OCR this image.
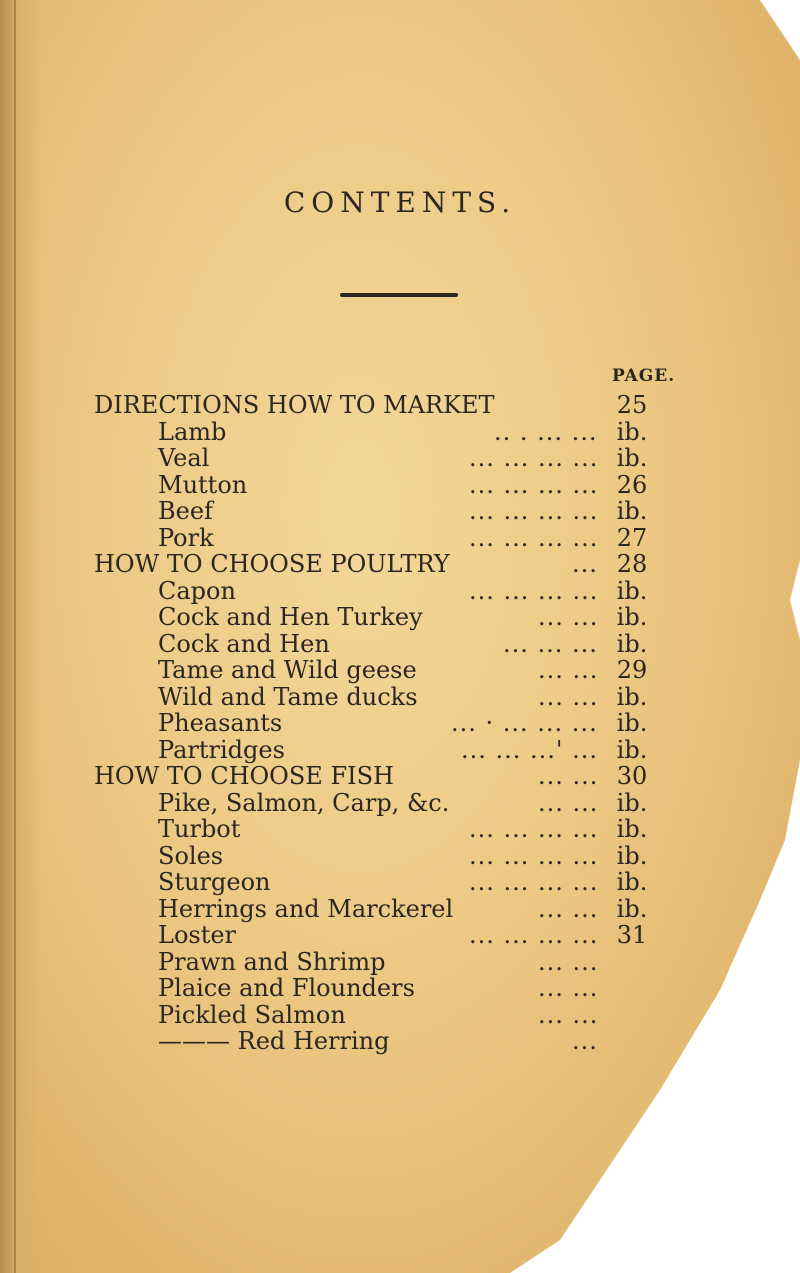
CONTENTS.
PAGE.
DIRECTIONS HOW TO MARKET	25
Lamb	.. . ... ... ib.
Veal	... ... ... ... ib.
Mutton	... ... ... ... 26
Beef	... ... ... ... ib.
Pork	... ... ... ... 27
HOW TO CHOOSE POULTRY	... 28
Capon	... ... ... ... ib.
Cock and Hen Turkey	... ... ib.
Cock and Hen	... ... ... ib.
Tame and Wild geese	... ... 29
Wild and Tame ducks	... ... ib.
Pheasants	... · ... ... ... ib.
Partridges	... ... ...' ... ib.
HOW TO CHOOSE FISH	... ... 30
Pike, Salmon, Carp, &c.	... ... ib.
Turbot	... ... ... ... ib.
Soles	... ... ... ... ib.
Sturgeon	... ... ... ... ib.
Herrings and Marckerel	... ... ib.
Loster	... ... ... ... 31
Prawn and Shrimp	... ...
Plaice and Flounders	... ...
Pickled Salmon	... ...
——— Red Herring	...
